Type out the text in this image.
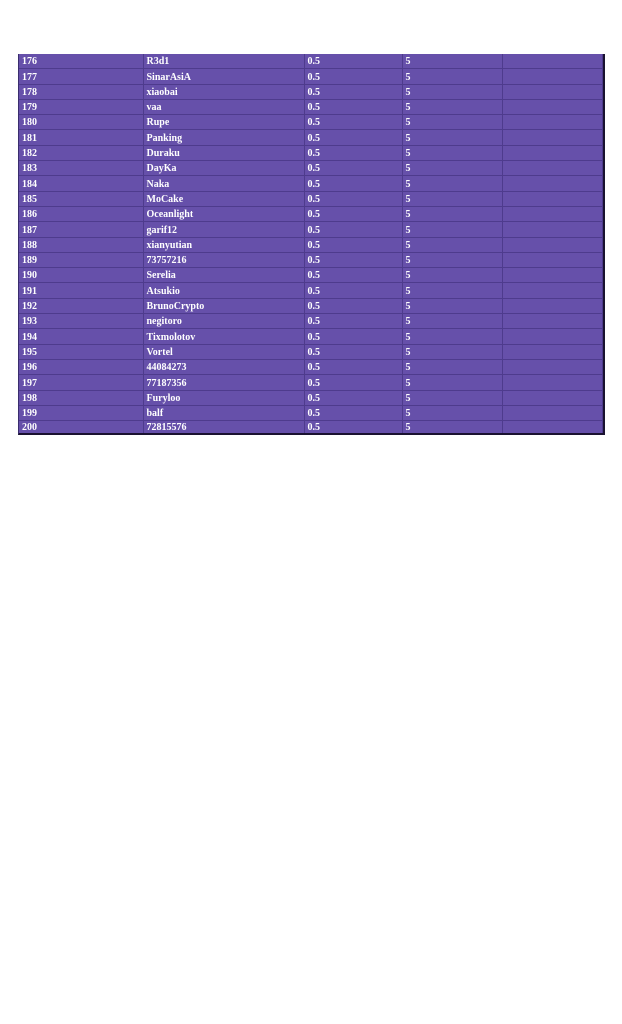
176	R3d1	0.5	5	
177	SinarAsiA	0.5	5	
178	xiaobai	0.5	5	
179	vaa	0.5	5	
180	Rupe	0.5	5	
181	Panking	0.5	5	
182	Duraku	0.5	5	
183	DayKa	0.5	5	
184	Naka	0.5	5	
185	MoCake	0.5	5	
186	Oceanlight	0.5	5	
187	garif12	0.5	5	
188	xianyutian	0.5	5	
189	73757216	0.5	5	
190	Serelia	0.5	5	
191	Atsukio	0.5	5	
192	BrunoCrypto	0.5	5	
193	negitoro	0.5	5	
194	Tixmolotov	0.5	5	
195	Vortel	0.5	5	
196	44084273	0.5	5	
197	77187356	0.5	5	
198	Furyloo	0.5	5	
199	balf	0.5	5	
200	72815576	0.5	5	
